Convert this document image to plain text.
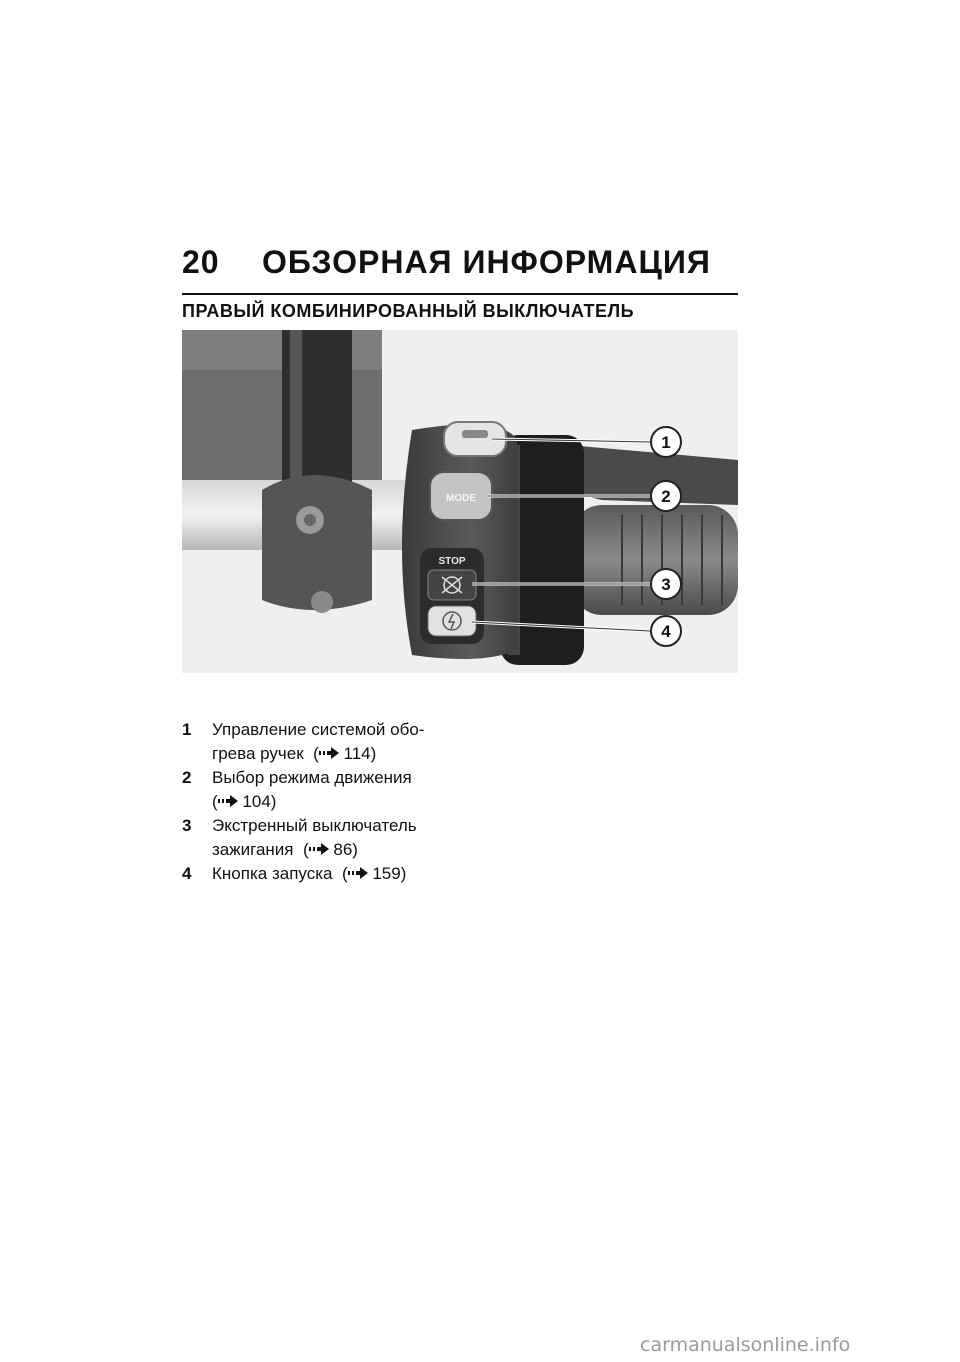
20 ОБЗОРНАЯ ИНФОРМАЦИЯ
ПРАВЫЙ КОМБИНИРОВАННЫЙ ВЫКЛЮЧАТЕЛЬ
MODE
STOP
1
2
3
4

1 Управление системой обо-
грева ручек ( 114)

2 Выбор режима движения
( 104)

3 Экстренный выключатель
зажигания ( 86)

4 Кнопка запуска ( 159)

carmanualsonline.info
